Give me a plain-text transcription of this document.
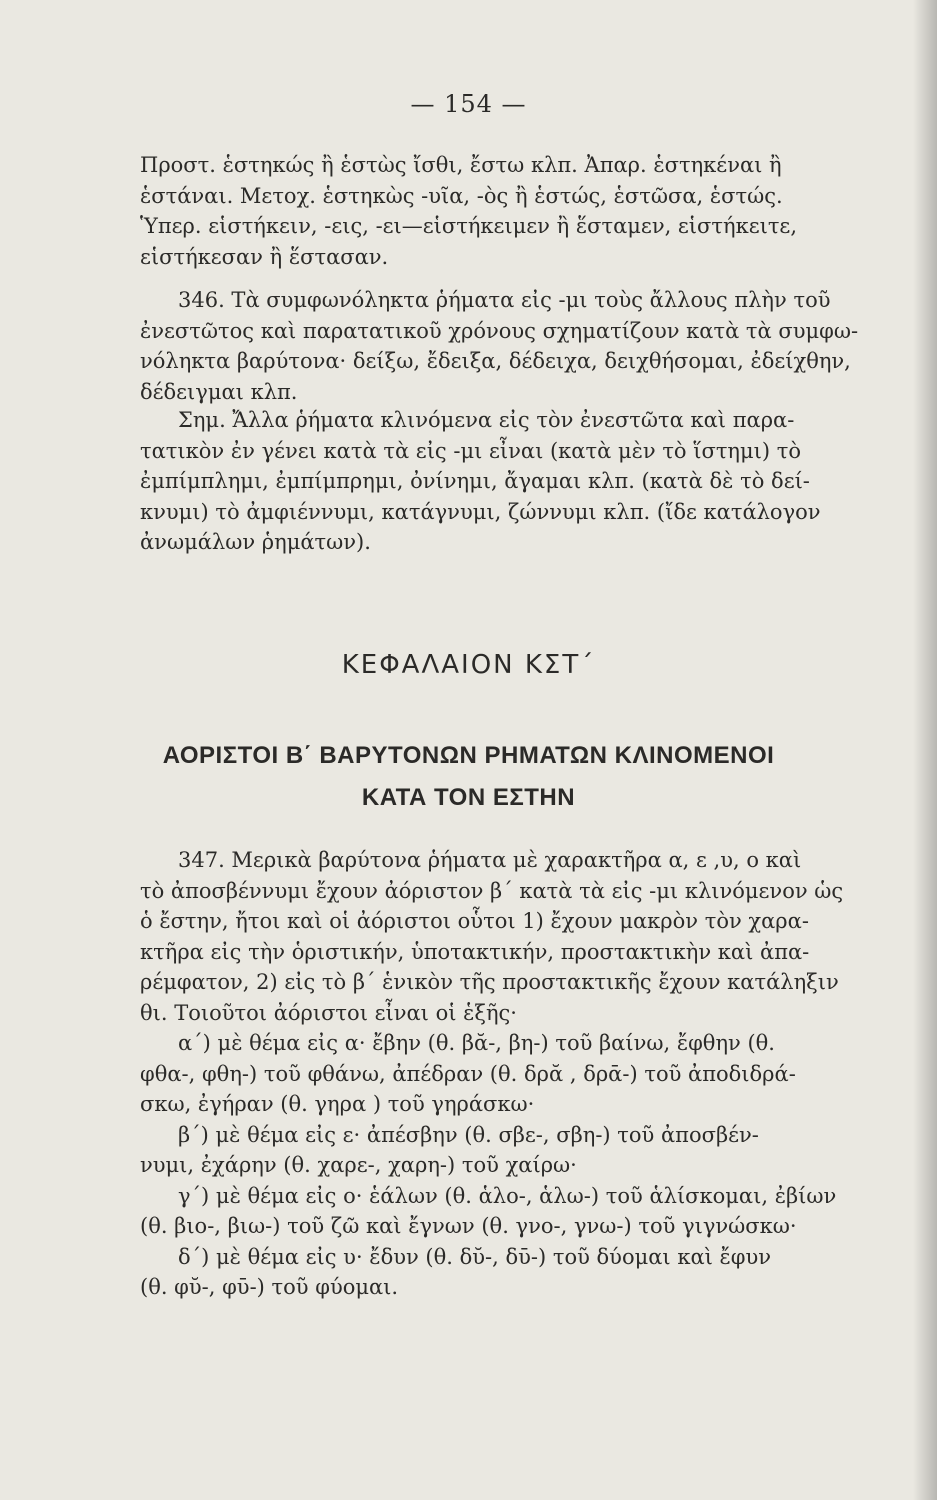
— 154 —
Προστ. ἑστηκώς ἢ ἑστὼς ἴσθι, ἔστω κλπ. Ἀπαρ. ἑστηκέναι ἢ
ἑστάναι. Μετοχ. ἑστηκὼς -υῖα, -ὸς ἢ ἑστώς, ἑστῶσα, ἑστώς.
Ὑπερ. εἱστήκειν, -εις, -ει—εἱστήκειμεν ἢ ἕσταμεν, εἱστήκειτε,
εἱστήκεσαν ἢ ἕστασαν.
346. Τὰ συμφωνόληκτα ῥήματα εἰς -μι τοὺς ἄλλους πλὴν τοῦ
ἐνεστῶτος καὶ παρατατικοῦ χρόνους σχηματίζουν κατὰ τὰ συμφω-
νόληκτα βαρύτονα· δείξω, ἔδειξα, δέδειχα, δειχθήσομαι, ἐδείχθην,
δέδειγμαι κλπ.
Σημ. Ἄλλα ῥήματα κλινόμενα εἰς τὸν ἐνεστῶτα καὶ παρα-
τατικὸν ἐν γένει κατὰ τὰ εἰς -μι εἶναι (κατὰ μὲν τὸ ἵστημι) τὸ
ἐμπίμπλημι, ἐμπίμπρημι, ὀνίνημι, ἄγαμαι κλπ. (κατὰ δὲ τὸ δεί-
κνυμι) τὸ ἀμφιέννυμι, κατάγνυμι, ζώννυμι κλπ. (ἴδε κατάλογον
ἀνωμάλων ῥημάτων).
ΚΕΦΑΛΑΙΟΝ ΚΣΤ΄
ΑΟΡΙΣΤΟΙ Β΄ ΒΑΡΥΤΟΝΩΝ ΡΗΜΑΤΩΝ ΚΛΙΝΟΜΕΝΟΙ
ΚΑΤΑ ΤΟΝ ΕΣΤΗΝ
347. Μερικὰ βαρύτονα ῥήματα μὲ χαρακτῆρα α, ε ,υ, ο καὶ
τὸ ἀποσβέννυμι ἔχουν ἀόριστον β΄ κατὰ τὰ εἰς -μι κλινόμενον ὡς
ὁ ἔστην, ἤτοι καὶ οἱ ἀόριστοι οὗτοι 1) ἔχουν μακρὸν τὸν χαρα-
κτῆρα εἰς τὴν ὁριστικήν, ὑποτακτικήν, προστακτικὴν καὶ ἀπα-
ρέμφατον, 2) εἰς τὸ β΄ ἑνικὸν τῆς προστακτικῆς ἔχουν κατάληξιν
θι. Τοιοῦτοι ἀόριστοι εἶναι οἱ ἑξῆς·
α΄) μὲ θέμα εἰς α· ἔβην (θ. βᾰ-, βη-) τοῦ βαίνω, ἔφθην (θ.
φθα-, φθη-) τοῦ φθάνω, ἀπέδραν (θ. δρᾰ , δρᾱ-) τοῦ ἀποδιδρά-
σκω, ἐγήραν (θ. γηρα ) τοῦ γηράσκω·
β΄) μὲ θέμα εἰς ε· ἀπέσβην (θ. σβε-, σβη-) τοῦ ἀποσβέν-
νυμι, ἐχάρην (θ. χαρε-, χαρη-) τοῦ χαίρω·
γ΄) μὲ θέμα εἰς ο· ἑάλων (θ. ἁλο-, ἁλω-) τοῦ ἁλίσκομαι, ἐβίων
(θ. βιο-, βιω-) τοῦ ζῶ καὶ ἔγνων (θ. γνο-, γνω-) τοῦ γιγνώσκω·
δ΄) μὲ θέμα εἰς υ· ἔδυν (θ. δῠ-, δῡ-) τοῦ δύομαι καὶ ἔφυν
(θ. φῠ-, φῡ-) τοῦ φύομαι.
